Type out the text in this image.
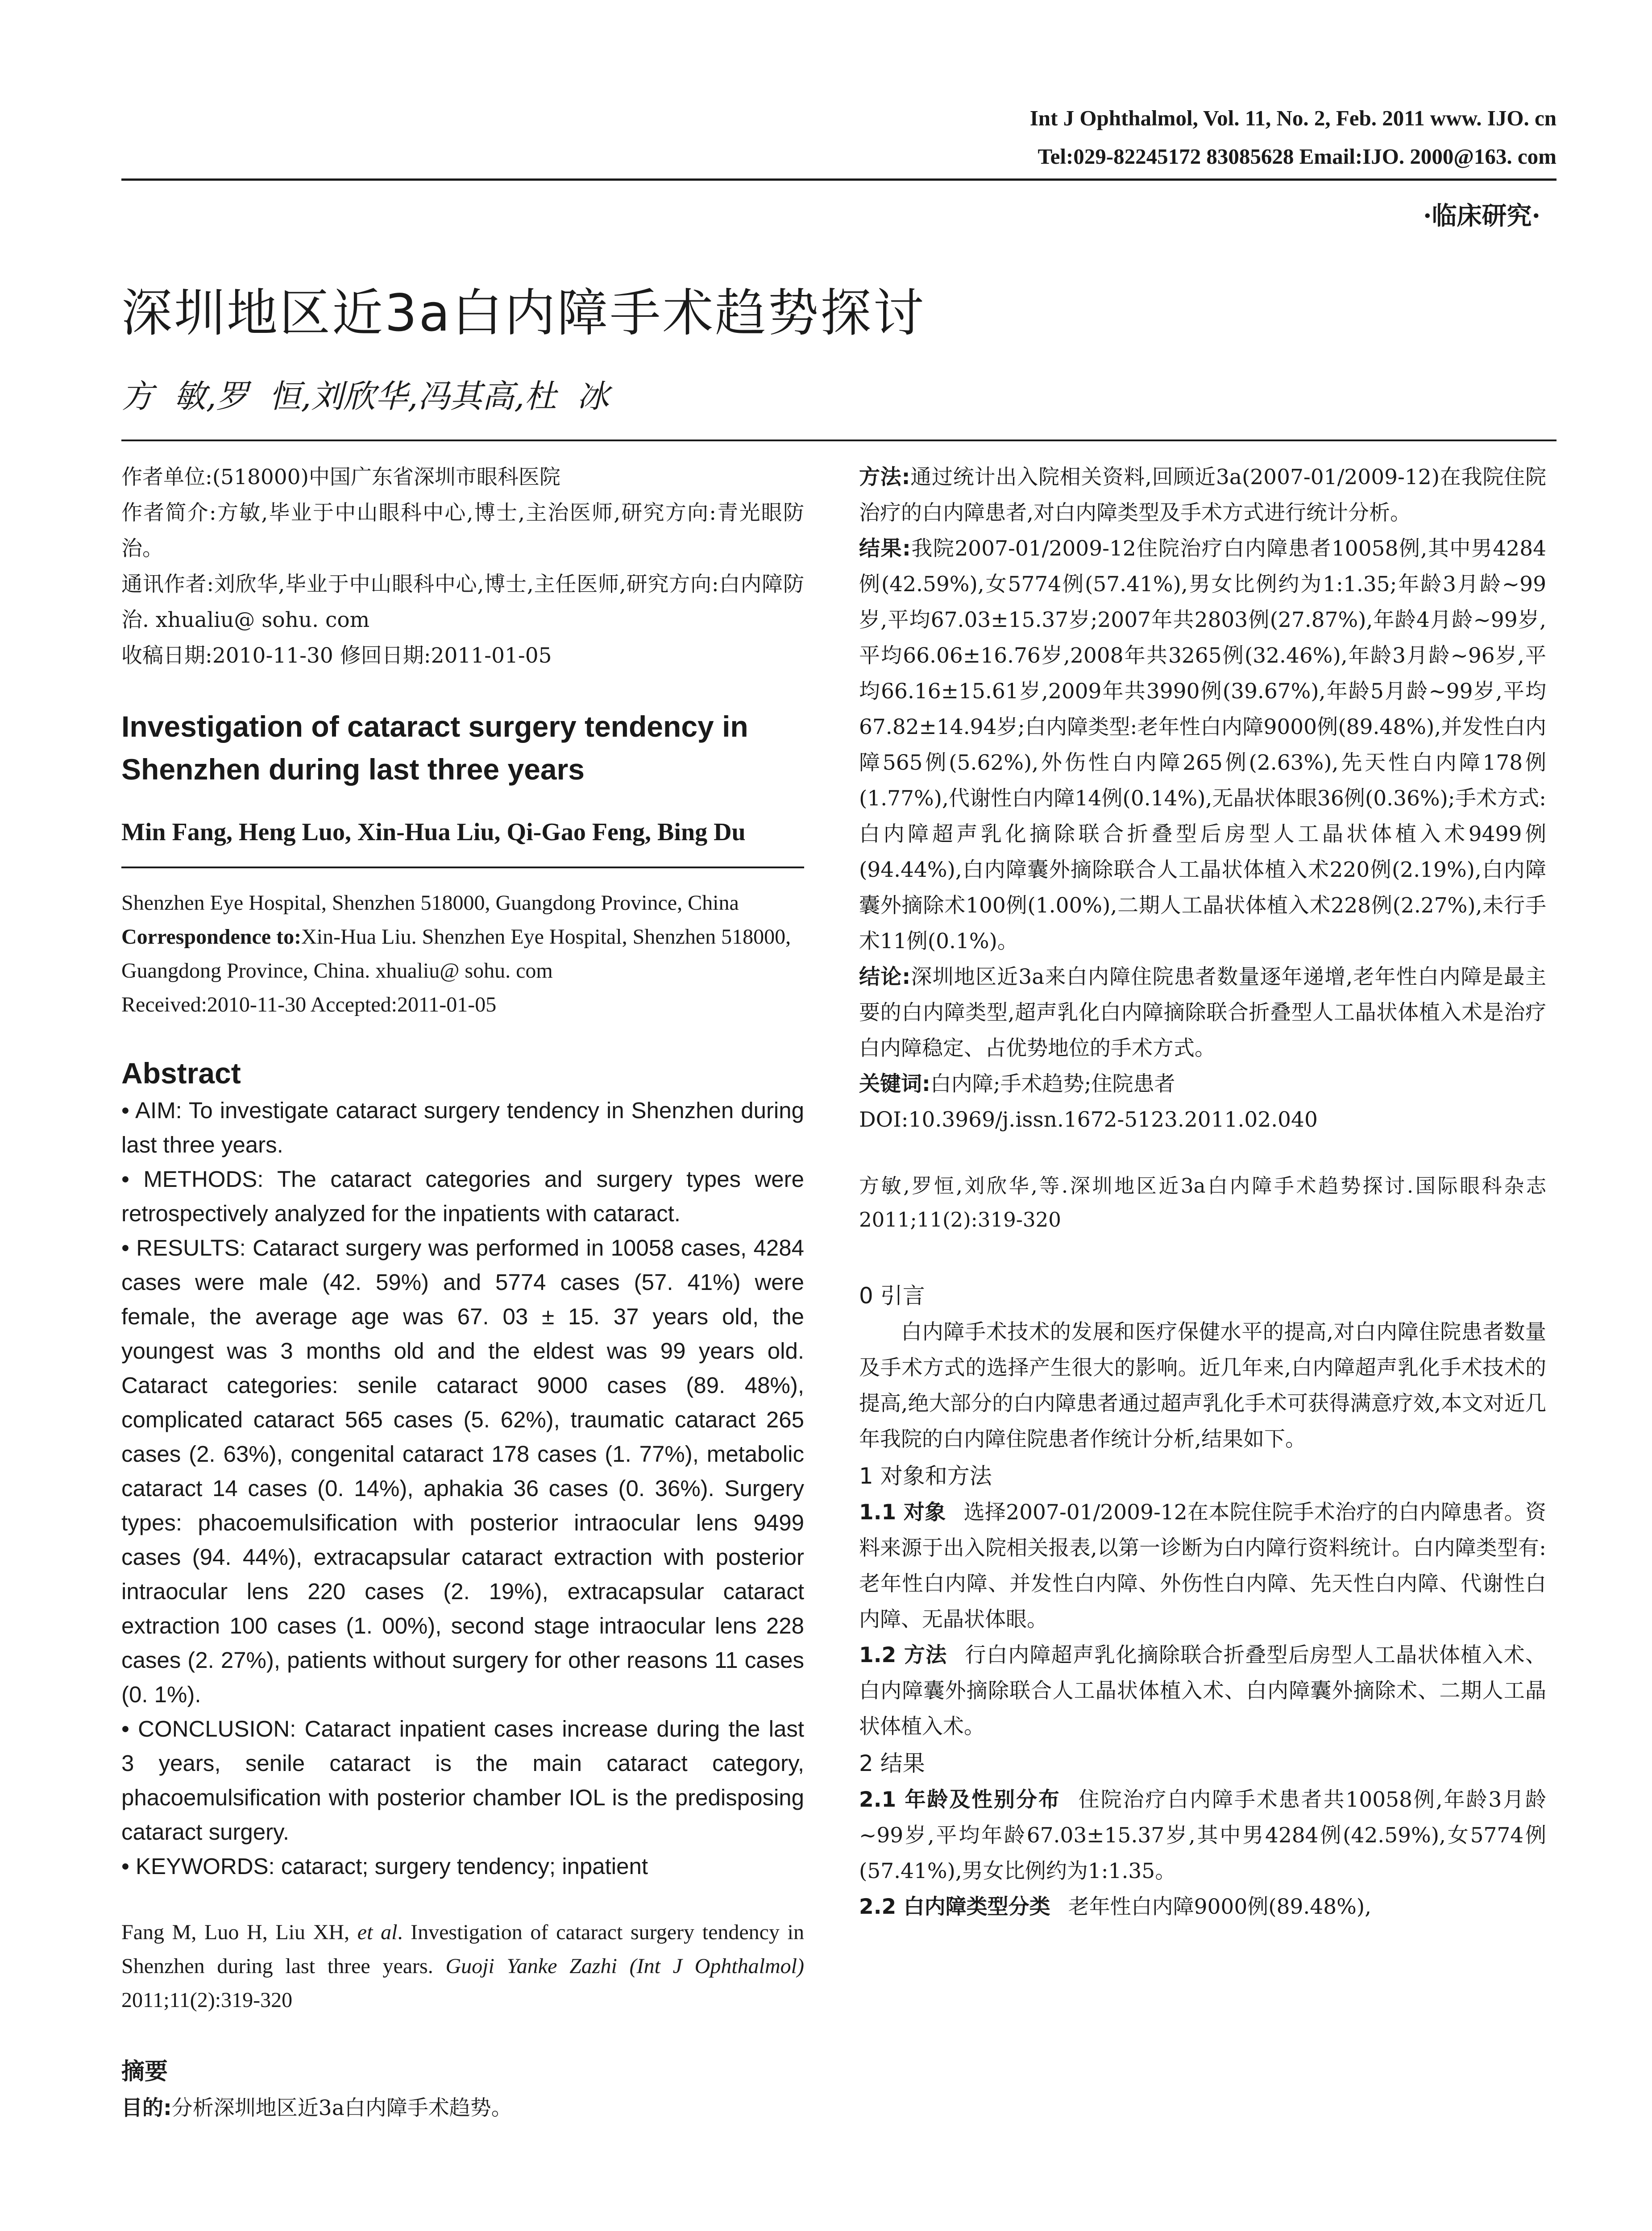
Int J Ophthalmol, Vol. 11, No. 2, Feb. 2011 www. IJO. cn
Tel:029-82245172 83085628 Email:IJO. 2000@163. com
·临床研究·
深圳地区近3a白内障手术趋势探讨
方  敏,罗  恒,刘欣华,冯其高,杜  冰

作者单位:(518000)中国广东省深圳市眼科医院

作者简介:方敏,毕业于中山眼科中心,博士,主治医师,研究方向:青光眼防治。

通讯作者:刘欣华,毕业于中山眼科中心,博士,主任医师,研究方向:白内障防治. xhualiu@ sohu. com

收稿日期:2010-11-30 修回日期:2011-01-05

Investigation of cataract surgery tendency in Shenzhen during last three years

Min Fang, Heng Luo, Xin-Hua Liu, Qi-Gao Feng, Bing Du

Shenzhen Eye Hospital, Shenzhen 518000, Guangdong Province, China

Correspondence to:Xin-Hua Liu. Shenzhen Eye Hospital, Shenzhen 518000, Guangdong Province, China. xhualiu@ sohu. com

Received:2010-11-30 Accepted:2011-01-05

Abstract

• AIM: To investigate cataract surgery tendency in Shenzhen during last three years.

• METHODS: The cataract categories and surgery types were retrospectively analyzed for the inpatients with cataract.

• RESULTS: Cataract surgery was performed in 10058 cases, 4284 cases were male (42. 59%) and 5774 cases (57. 41%) were female, the average age was 67. 03 ± 15. 37 years old, the youngest was 3 months old and the eldest was 99 years old. Cataract categories: senile cataract 9000 cases (89. 48%), complicated cataract 565 cases (5. 62%), traumatic cataract 265 cases (2. 63%), congenital cataract 178 cases (1. 77%), metabolic cataract 14 cases (0. 14%), aphakia 36 cases (0. 36%). Surgery types: phacoemulsification with posterior intraocular lens 9499 cases (94. 44%), extracapsular cataract extraction with posterior intraocular lens 220 cases (2. 19%), extracapsular cataract extraction 100 cases (1. 00%), second stage intraocular lens 228 cases (2. 27%), patients without surgery for other reasons 11 cases (0. 1%).

• CONCLUSION: Cataract inpatient cases increase during the last 3 years, senile cataract is the main cataract category, phacoemulsification with posterior chamber IOL is the predisposing cataract surgery.

• KEYWORDS: cataract; surgery tendency; inpatient

Fang M, Luo H, Liu XH, et al. Investigation of cataract surgery tendency in Shenzhen during last three years. Guoji Yanke Zazhi (Int J Ophthalmol) 2011;11(2):319-320

摘要

目的:分析深圳地区近3a白内障手术趋势。

方法:通过统计出入院相关资料,回顾近3a(2007-01/2009-12)在我院住院治疗的白内障患者,对白内障类型及手术方式进行统计分析。

结果:我院2007-01/2009-12住院治疗白内障患者10058例,其中男4284例(42.59%),女5774例(57.41%),男女比例约为1:1.35;年龄3月龄~99岁,平均67.03±15.37岁;2007年共2803例(27.87%),年龄4月龄~99岁,平均66.06±16.76岁,2008年共3265例(32.46%),年龄3月龄~96岁,平均66.16±15.61岁,2009年共3990例(39.67%),年龄5月龄~99岁,平均67.82±14.94岁;白内障类型:老年性白内障9000例(89.48%),并发性白内障565例(5.62%),外伤性白内障265例(2.63%),先天性白内障178例(1.77%),代谢性白内障14例(0.14%),无晶状体眼36例(0.36%);手术方式:白内障超声乳化摘除联合折叠型后房型人工晶状体植入术9499例(94.44%),白内障囊外摘除联合人工晶状体植入术220例(2.19%),白内障囊外摘除术100例(1.00%),二期人工晶状体植入术228例(2.27%),未行手术11例(0.1%)。

结论:深圳地区近3a来白内障住院患者数量逐年递增,老年性白内障是最主要的白内障类型,超声乳化白内障摘除联合折叠型人工晶状体植入术是治疗白内障稳定、占优势地位的手术方式。

关键词:白内障;手术趋势;住院患者

DOI:10.3969/j.issn.1672-5123.2011.02.040

方敏,罗恒,刘欣华,等.深圳地区近3a白内障手术趋势探讨.国际眼科杂志2011;11(2):319-320

0 引言

白内障手术技术的发展和医疗保健水平的提高,对白内障住院患者数量及手术方式的选择产生很大的影响。近几年来,白内障超声乳化手术技术的提高,绝大部分的白内障患者通过超声乳化手术可获得满意疗效,本文对近几年我院的白内障住院患者作统计分析,结果如下。

1 对象和方法

1.1 对象 选择2007-01/2009-12在本院住院手术治疗的白内障患者。资料来源于出入院相关报表,以第一诊断为白内障行资料统计。白内障类型有:老年性白内障、并发性白内障、外伤性白内障、先天性白内障、代谢性白内障、无晶状体眼。

1.2 方法 行白内障超声乳化摘除联合折叠型后房型人工晶状体植入术、白内障囊外摘除联合人工晶状体植入术、白内障囊外摘除术、二期人工晶状体植入术。

2 结果

2.1 年龄及性别分布 住院治疗白内障手术患者共10058例,年龄3月龄~99岁,平均年龄67.03±15.37岁,其中男4284例(42.59%),女5774例(57.41%),男女比例约为1:1.35。

2.2 白内障类型分类 老年性白内障9000例(89.48%),
